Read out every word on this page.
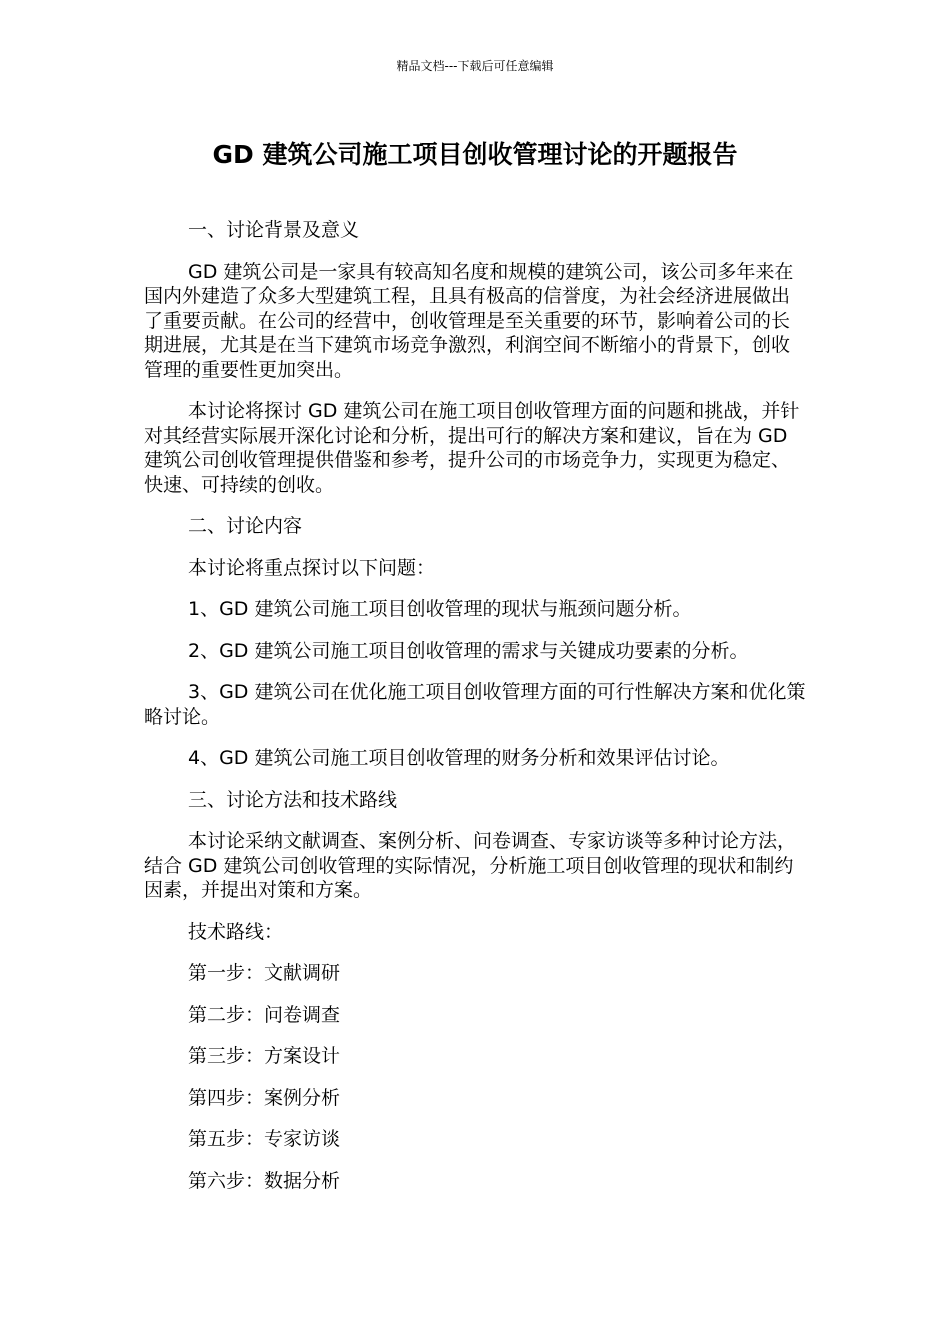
精品文档---下载后可任意编辑
GD 建筑公司施工项目创收管理讨论的开题报告

一、讨论背景及意义

GD 建筑公司是一家具有较高知名度和规模的建筑公司，该公司多年来在国内外建造了众多大型建筑工程，且具有极高的信誉度，为社会经济进展做出了重要贡献。在公司的经营中，创收管理是至关重要的环节，影响着公司的长期进展，尤其是在当下建筑市场竞争激烈，利润空间不断缩小的背景下，创收管理的重要性更加突出。

本讨论将探讨 GD 建筑公司在施工项目创收管理方面的问题和挑战，并针对其经营实际展开深化讨论和分析，提出可行的解决方案和建议，旨在为 GD 建筑公司创收管理提供借鉴和参考，提升公司的市场竞争力，实现更为稳定、快速、可持续的创收。

二、讨论内容

本讨论将重点探讨以下问题：

1、GD 建筑公司施工项目创收管理的现状与瓶颈问题分析。

2、GD 建筑公司施工项目创收管理的需求与关键成功要素的分析。

3、GD 建筑公司在优化施工项目创收管理方面的可行性解决方案和优化策略讨论。

4、GD 建筑公司施工项目创收管理的财务分析和效果评估讨论。

三、讨论方法和技术路线

本讨论采纳文献调查、案例分析、问卷调查、专家访谈等多种讨论方法，结合 GD 建筑公司创收管理的实际情况，分析施工项目创收管理的现状和制约因素，并提出对策和方案。

技术路线：

第一步：文献调研

第二步：问卷调查

第三步：方案设计

第四步：案例分析

第五步：专家访谈

第六步：数据分析
